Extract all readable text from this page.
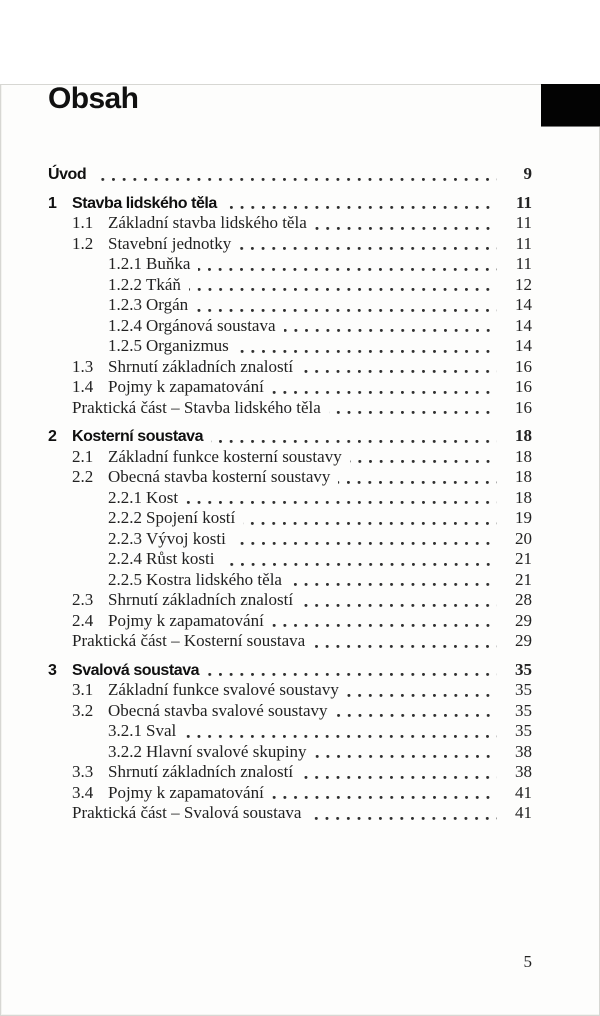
Obsah
Úvod	9
1 Stavba lidského těla	11
1.1 Základní stavba lidského těla	11
1.2 Stavební jednotky	11
1.2.1 Buňka	11
1.2.2 Tkáň	12
1.2.3 Orgán	14
1.2.4 Orgánová soustava	14
1.2.5 Organizmus	14
1.3 Shrnutí základních znalostí	16
1.4 Pojmy k zapamatování	16
Praktická část – Stavba lidského těla	16
2 Kosterní soustava	18
2.1 Základní funkce kosterní soustavy	18
2.2 Obecná stavba kosterní soustavy	18
2.2.1 Kost	18
2.2.2 Spojení kostí	19
2.2.3 Vývoj kosti	20
2.2.4 Růst kosti	21
2.2.5 Kostra lidského těla	21
2.3 Shrnutí základních znalostí	28
2.4 Pojmy k zapamatování	29
Praktická část – Kosterní soustava	29
3 Svalová soustava	35
3.1 Základní funkce svalové soustavy	35
3.2 Obecná stavba svalové soustavy	35
3.2.1 Sval	35
3.2.2 Hlavní svalové skupiny	38
3.3 Shrnutí základních znalostí	38
3.4 Pojmy k zapamatování	41
Praktická část – Svalová soustava	41
5
